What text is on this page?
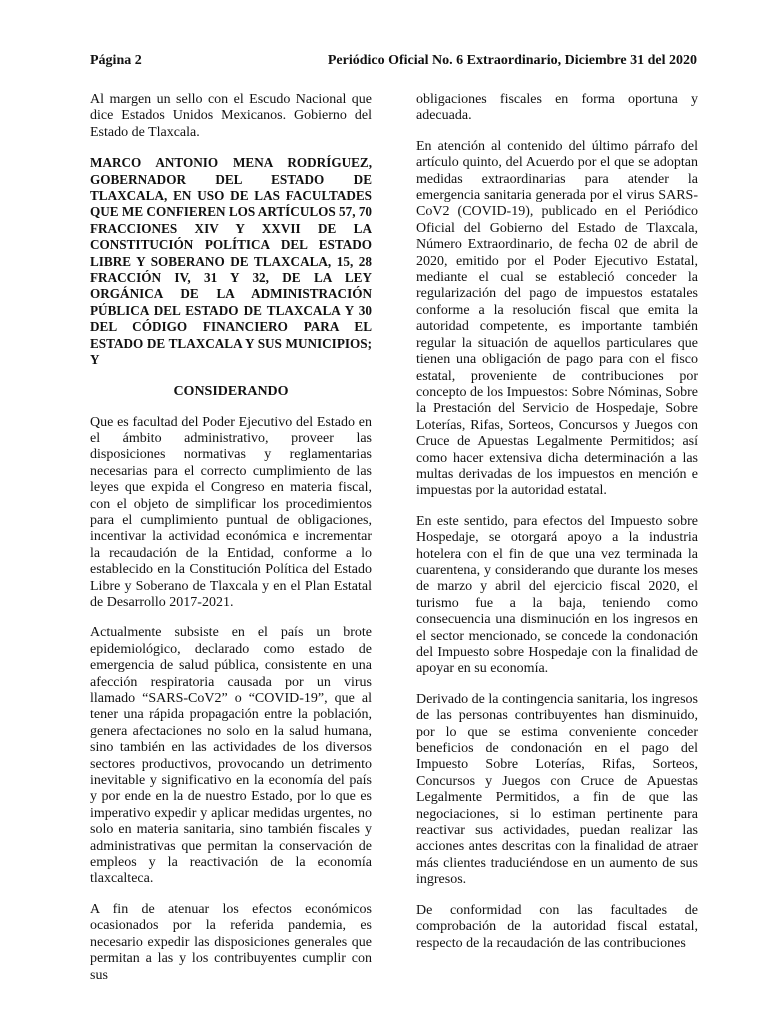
Página 2	Periódico Oficial No. 6 Extraordinario, Diciembre 31 del 2020

Al margen un sello con el Escudo Nacional que dice Estados Unidos Mexicanos. Gobierno del Estado de Tlaxcala.

MARCO ANTONIO MENA RODRÍGUEZ, GOBERNADOR DEL ESTADO DE TLAXCALA, EN USO DE LAS FACULTADES QUE ME CONFIEREN LOS ARTÍCULOS 57, 70 FRACCIONES XIV Y XXVII DE LA CONSTITUCIÓN POLÍTICA DEL ESTADO LIBRE Y SOBERANO DE TLAXCALA, 15, 28 FRACCIÓN IV, 31 Y 32, DE LA LEY ORGÁNICA DE LA ADMINISTRACIÓN PÚBLICA DEL ESTADO DE TLAXCALA Y 30 DEL CÓDIGO FINANCIERO PARA EL ESTADO DE TLAXCALA Y SUS MUNICIPIOS; Y

CONSIDERANDO

Que es facultad del Poder Ejecutivo del Estado en el ámbito administrativo, proveer las disposiciones normativas y reglamentarias necesarias para el correcto cumplimiento de las leyes que expida el Congreso en materia fiscal, con el objeto de simplificar los procedimientos para el cumplimiento puntual de obligaciones, incentivar la actividad económica e incrementar la recaudación de la Entidad, conforme a lo establecido en la Constitución Política del Estado Libre y Soberano de Tlaxcala y en el Plan Estatal de Desarrollo 2017-2021.

Actualmente subsiste en el país un brote epidemiológico, declarado como estado de emergencia de salud pública, consistente en una afección respiratoria causada por un virus llamado “SARS-CoV2” o “COVID-19”, que al tener una rápida propagación entre la población, genera afectaciones no solo en la salud humana, sino también en las actividades de los diversos sectores productivos, provocando un detrimento inevitable y significativo en la economía del país y por ende en la de nuestro Estado, por lo que es imperativo expedir y aplicar medidas urgentes, no solo en materia sanitaria, sino también fiscales y administrativas que permitan la conservación de empleos y la reactivación de la economía tlaxcalteca.

A fin de atenuar los efectos económicos ocasionados por la referida pandemia, es necesario expedir las disposiciones generales que permitan a las y los contribuyentes cumplir con sus

obligaciones fiscales en forma oportuna y adecuada.

En atención al contenido del último párrafo del artículo quinto, del Acuerdo por el que se adoptan medidas extraordinarias para atender la emergencia sanitaria generada por el virus SARS-CoV2 (COVID-19), publicado en el Periódico Oficial del Gobierno del Estado de Tlaxcala, Número Extraordinario, de fecha 02 de abril de 2020, emitido por el Poder Ejecutivo Estatal, mediante el cual se estableció conceder la regularización del pago de impuestos estatales conforme a la resolución fiscal que emita la autoridad competente, es importante también regular la situación de aquellos particulares que tienen una obligación de pago para con el fisco estatal, proveniente de contribuciones por concepto de los Impuestos: Sobre Nóminas, Sobre la Prestación del Servicio de Hospedaje, Sobre Loterías, Rifas, Sorteos, Concursos y Juegos con Cruce de Apuestas Legalmente Permitidos; así como hacer extensiva dicha determinación a las multas derivadas de los impuestos en mención e impuestas por la autoridad estatal.

En este sentido, para efectos del Impuesto sobre Hospedaje, se otorgará apoyo a la industria hotelera con el fin de que una vez terminada la cuarentena, y considerando que durante los meses de marzo y abril del ejercicio fiscal 2020, el turismo fue a la baja, teniendo como consecuencia una disminución en los ingresos en el sector mencionado, se concede la condonación del Impuesto sobre Hospedaje con la finalidad de apoyar en su economía.

Derivado de la contingencia sanitaria, los ingresos de las personas contribuyentes han disminuido, por lo que se estima conveniente conceder beneficios de condonación en el pago del Impuesto Sobre Loterías, Rifas, Sorteos, Concursos y Juegos con Cruce de Apuestas Legalmente Permitidos, a fin de que las negociaciones, si lo estiman pertinente para reactivar sus actividades, puedan realizar las acciones antes descritas con la finalidad de atraer más clientes traduciéndose en un aumento de sus ingresos.

De conformidad con las facultades de comprobación de la autoridad fiscal estatal, respecto de la recaudación de las contribuciones
